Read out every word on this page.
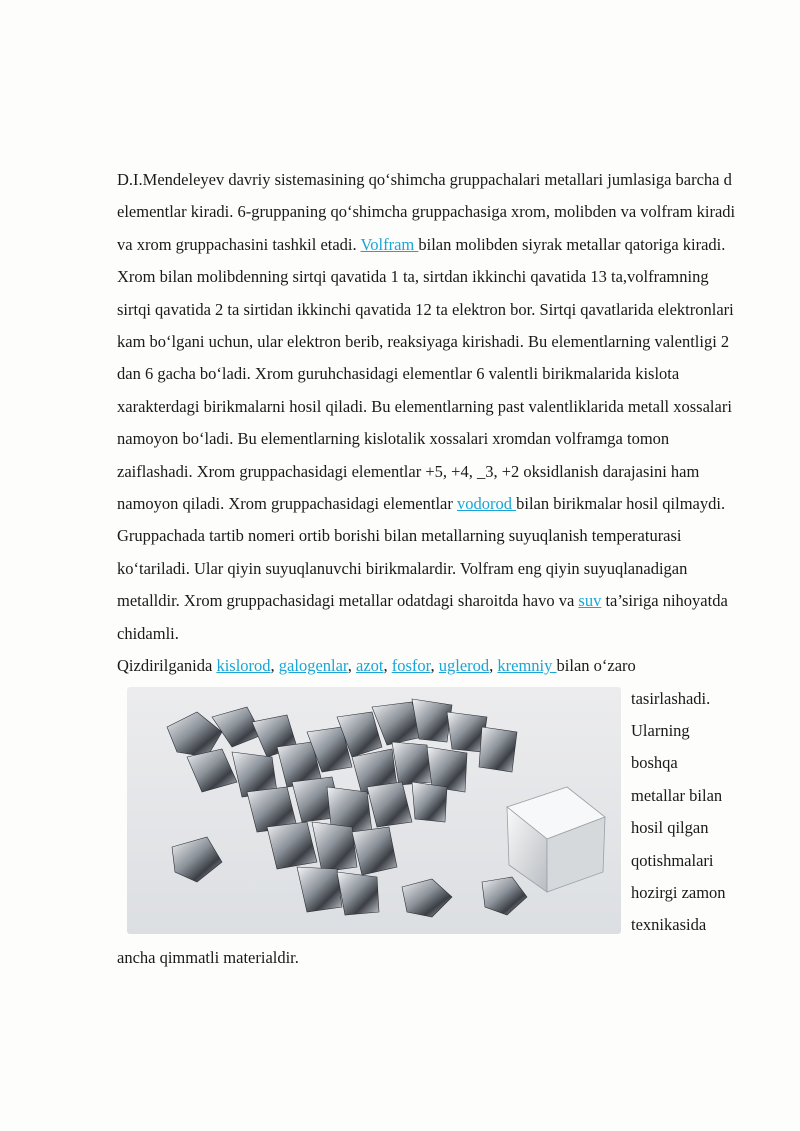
D.I.Mendeleyev davriy sistemasining qo‘shimcha gruppachalari metallari jumlasiga barcha d elementlar kiradi. 6-gruppaning qo‘shimcha gruppachasiga xrom, molibden va volfram kiradi va xrom gruppachasini tashkil etadi. Volfram bilan molibden siyrak metallar qatoriga kiradi. Xrom bilan molibdenning sirtqi qavatida 1 ta, sirtdan ikkinchi qavatida 13 ta,volframning sirtqi qavatida 2 ta sirtidan ikkinchi qavatida 12 ta elektron bor. Sirtqi qavatlarida elektronlari kam bo‘lgani uchun, ular elektron berib, reaksiyaga kirishadi. Bu elementlarning valentligi 2 dan 6 gacha bo‘ladi. Xrom guruhchasidagi elementlar 6 valentli birikmalarida kislota xarakterdagi birikmalarni hosil qiladi. Bu elementlarning past valentliklarida metall xossalari namoyon bo‘ladi. Bu elementlarning kislotalik xossalari xromdan volframga tomon zaiflashadi. Xrom gruppachasidagi elementlar +5, +4, _3, +2 oksidlanish darajasini ham namoyon qiladi. Xrom gruppachasidagi elementlar vodorod bilan birikmalar hosil qilmaydi. Gruppachada tartib nomeri ortib borishi bilan metallarning suyuqlanish temperaturasi ko‘tariladi. Ular qiyin suyuqlanuvchi birikmalardir. Volfram eng qiyin suyuqlanadigan metalldir. Xrom gruppachasidagi metallar odatdagi sharoitda havo va suv ta’siriga nihoyatda chidamli.

Qizdirilganida kislorod, galogenlar, azot, fosfor, uglerod, kremniy bilan o‘zaro

tasirlashadi.
Ularning
boshqa
metallar bilan
hosil qilgan
qotishmalari
hozirgi zamon
texnikasida

ancha qimmatli materialdir.
